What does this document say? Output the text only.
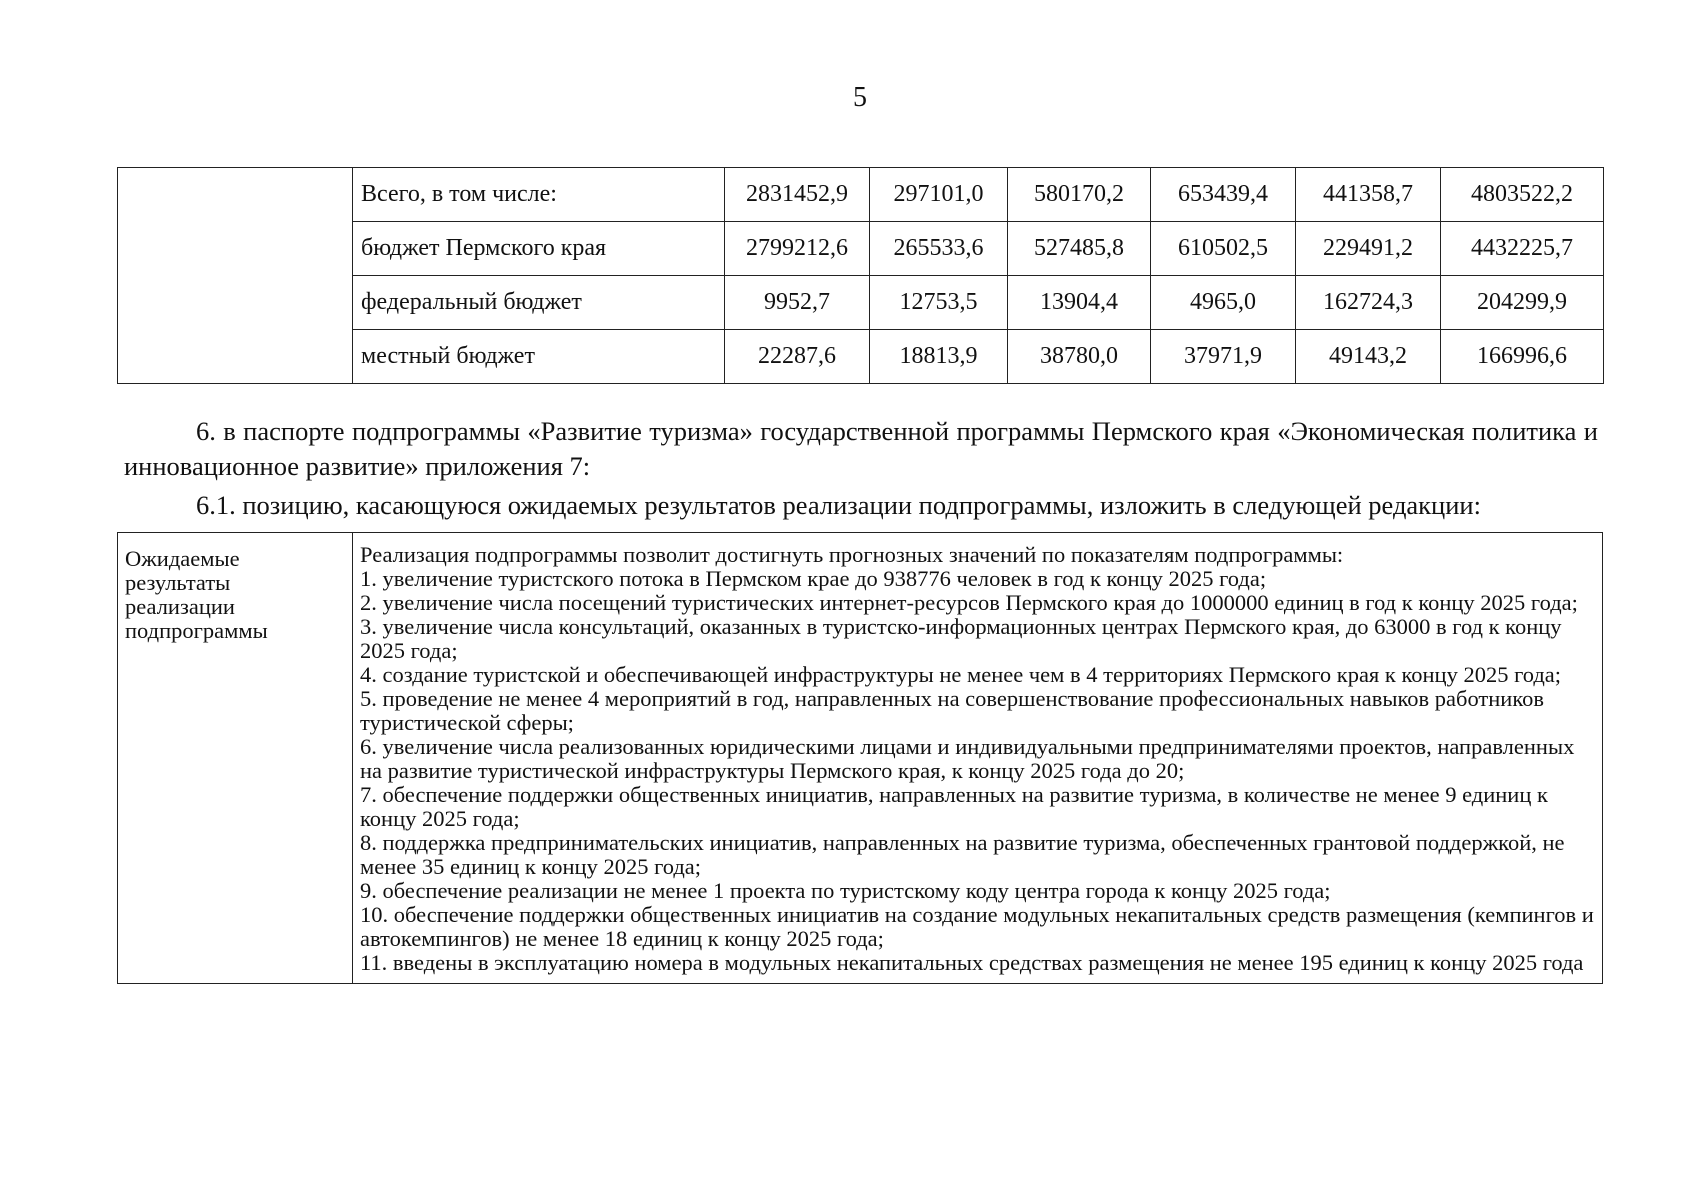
5
	Всего, в том числе:	2831452,9	297101,0	580170,2	653439,4	441358,7	4803522,2
	бюджет Пермского края	2799212,6	265533,6	527485,8	610502,5	229491,2	4432225,7
	федеральный бюджет	9952,7	12753,5	13904,4	4965,0	162724,3	204299,9
	местный бюджет	22287,6	18813,9	38780,0	37971,9	49143,2	166996,6
6. в паспорте подпрограммы «Развитие туризма» государственной программы Пермского края «Экономическая политика и инновационное развитие» приложения 7:
6.1. позицию, касающуюся ожидаемых результатов реализации подпрограммы, изложить в следующей редакции:
Ожидаемые результаты реализации подпрограммы	
Реализация подпрограммы позволит достигнуть прогнозных значений по показателям подпрограммы:
1. увеличение туристского потока в Пермском крае до 938776 человек в год к концу 2025 года;
2. увеличение числа посещений туристических интернет-ресурсов Пермского края до 1000000 единиц в год к концу 2025 года;
3. увеличение числа консультаций, оказанных в туристско-информационных центрах Пермского края, до 63000 в год к концу 2025 года;
4. создание туристской и обеспечивающей инфраструктуры не менее чем в 4 территориях Пермского края к концу 2025 года;
5. проведение не менее 4 мероприятий в год, направленных на совершенствование профессиональных навыков работников туристической сферы;
6. увеличение числа реализованных юридическими лицами и индивидуальными предпринимателями проектов, направленных на развитие туристической инфраструктуры Пермского края, к концу 2025 года до 20;
7. обеспечение поддержки общественных инициатив, направленных на развитие туризма, в количестве не менее 9 единиц к концу 2025 года;
8. поддержка предпринимательских инициатив, направленных на развитие туризма, обеспеченных грантовой поддержкой, не менее 35 единиц к концу 2025 года;
9. обеспечение реализации не менее 1 проекта по туристскому коду центра города к концу 2025 года;
10. обеспечение поддержки общественных инициатив на создание модульных некапитальных средств размещения (кемпингов и автокемпингов) не менее 18 единиц к концу 2025 года;
11. введены в эксплуатацию номера в модульных некапитальных средствах размещения не менее 195 единиц к концу 2025 года
